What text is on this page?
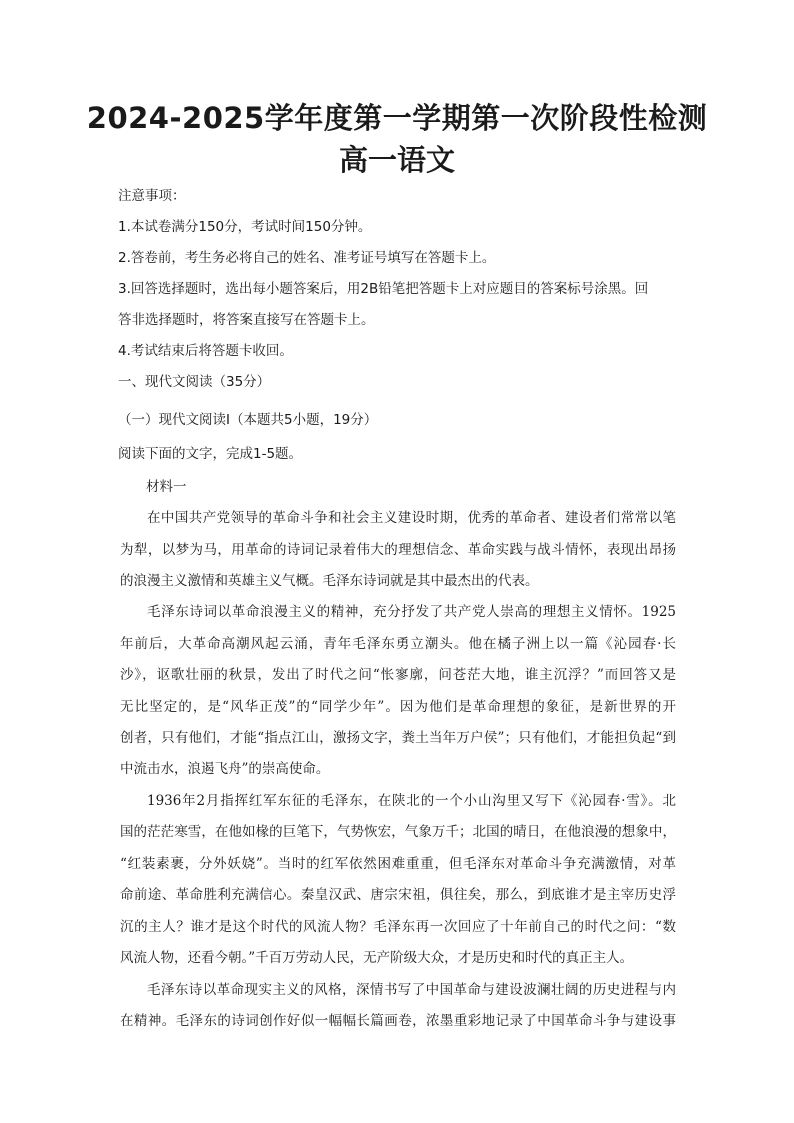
2024-2025学年度第一学期第一次阶段性检测
高一语文
注意事项：
1.本试卷满分150分，考试时间150分钟。
2.答卷前，考生务必将自己的姓名、准考证号填写在答题卡上。
3.回答选择题时，选出每小题答案后，用2B铅笔把答题卡上对应题目的答案标号涂黑。回
答非选择题时，将答案直接写在答题卡上。
4.考试结束后将答题卡收回。
一、现代文阅读（35分）
（一）现代文阅读Ⅰ（本题共5小题，19分）
阅读下面的文字，完成1-5题。
材料一
在中国共产党领导的革命斗争和社会主义建设时期，优秀的革命者、建设者们常常以笔
为犁，以梦为马，用革命的诗词记录着伟大的理想信念、革命实践与战斗情怀，表现出昂扬
的浪漫主义激情和英雄主义气概。毛泽东诗词就是其中最杰出的代表。
毛泽东诗词以革命浪漫主义的精神，充分抒发了共产党人崇高的理想主义情怀。1925
年前后，大革命高潮风起云涌，青年毛泽东勇立潮头。他在橘子洲上以一篇《沁园春·长
沙》，讴歌壮丽的秋景，发出了时代之问“怅寥廓，问苍茫大地，谁主沉浮？”而回答又是
无比坚定的，是“风华正茂”的“同学少年”。因为他们是革命理想的象征，是新世界的开
创者，只有他们，才能“指点江山，激扬文字，粪土当年万户侯”；只有他们，才能担负起“到
中流击水，浪遏飞舟”的崇高使命。
1936年2月指挥红军东征的毛泽东，在陕北的一个小山沟里又写下《沁园春·雪》。北
国的茫茫寒雪，在他如椽的巨笔下，气势恢宏，气象万千；北国的晴日，在他浪漫的想象中，
“红装素裹，分外妖娆”。当时的红军依然困难重重，但毛泽东对革命斗争充满激情，对革
命前途、革命胜利充满信心。秦皇汉武、唐宗宋祖，俱往矣，那么，到底谁才是主宰历史浮
沉的主人？谁才是这个时代的风流人物？毛泽东再一次回应了十年前自己的时代之问：“数
风流人物，还看今朝。”千百万劳动人民，无产阶级大众，才是历史和时代的真正主人。
毛泽东诗以革命现实主义的风格，深情书写了中国革命与建设波澜壮阔的历史进程与内
在精神。毛泽东的诗词创作好似一幅幅长篇画卷，浓墨重彩地记录了中国革命斗争与建设事
